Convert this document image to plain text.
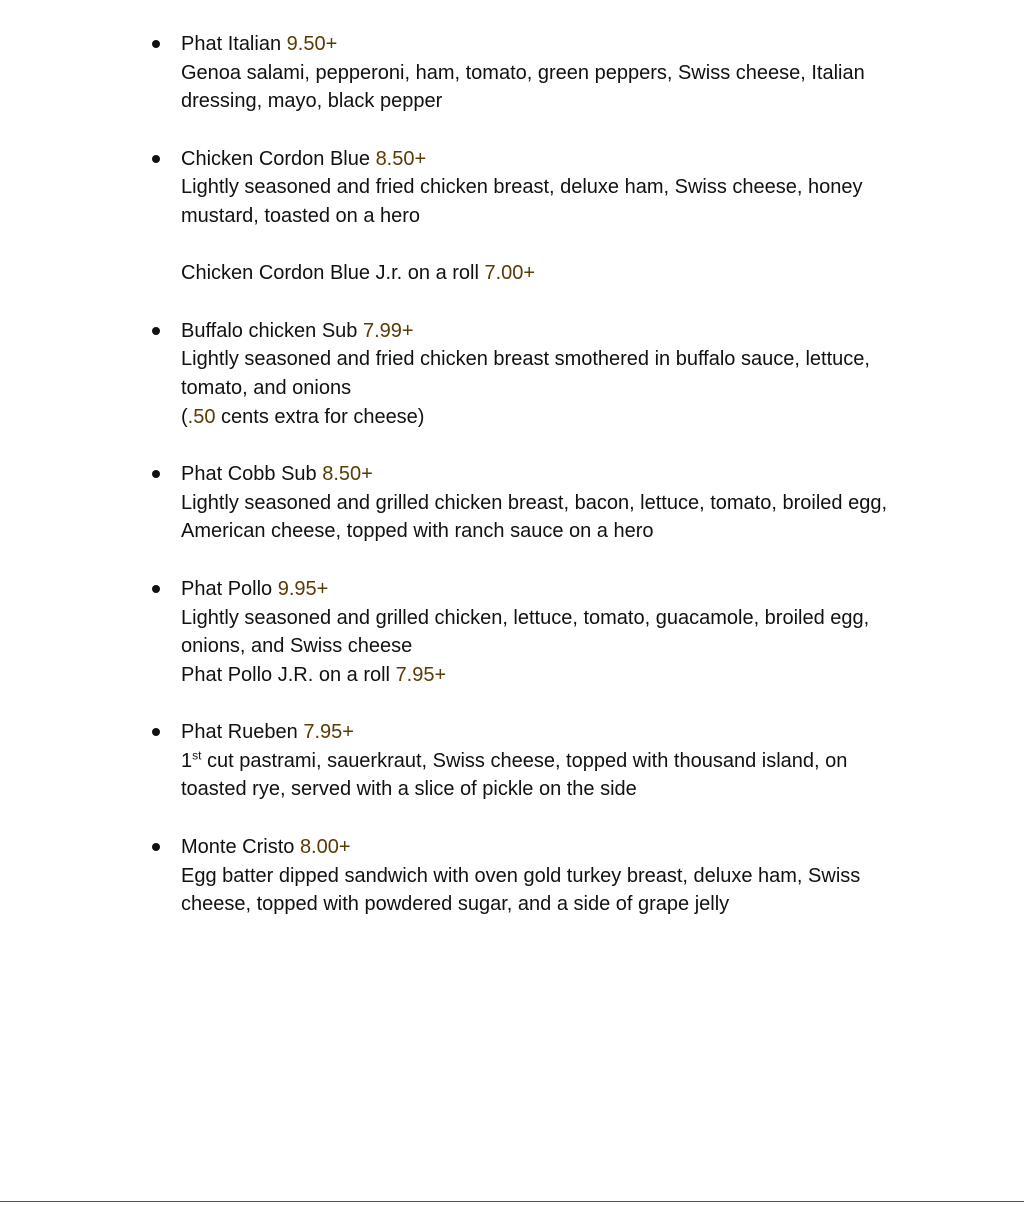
Phat Italian 9.50+
Genoa salami, pepperoni, ham, tomato, green peppers, Swiss cheese, Italian dressing, mayo, black pepper
Chicken Cordon Blue 8.50+
Lightly seasoned and fried chicken breast, deluxe ham, Swiss cheese, honey mustard, toasted on a hero
Chicken Cordon Blue J.r. on a roll 7.00+
Buffalo chicken Sub 7.99+
Lightly seasoned and fried chicken breast smothered in buffalo sauce, lettuce, tomato, and onions
(.50 cents extra for cheese)
Phat Cobb Sub 8.50+
Lightly seasoned and grilled chicken breast, bacon, lettuce, tomato, broiled egg, American cheese, topped with ranch sauce on a hero
Phat Pollo 9.95+
Lightly seasoned and grilled chicken, lettuce, tomato, guacamole, broiled egg, onions, and Swiss cheese
Phat Pollo J.R. on a roll 7.95+
Phat Rueben 7.95+
1st cut pastrami, sauerkraut, Swiss cheese, topped with thousand island, on toasted rye, served with a slice of pickle on the side
Monte Cristo 8.00+
Egg batter dipped sandwich with oven gold turkey breast, deluxe ham, Swiss cheese, topped with powdered sugar, and a side of grape jelly
